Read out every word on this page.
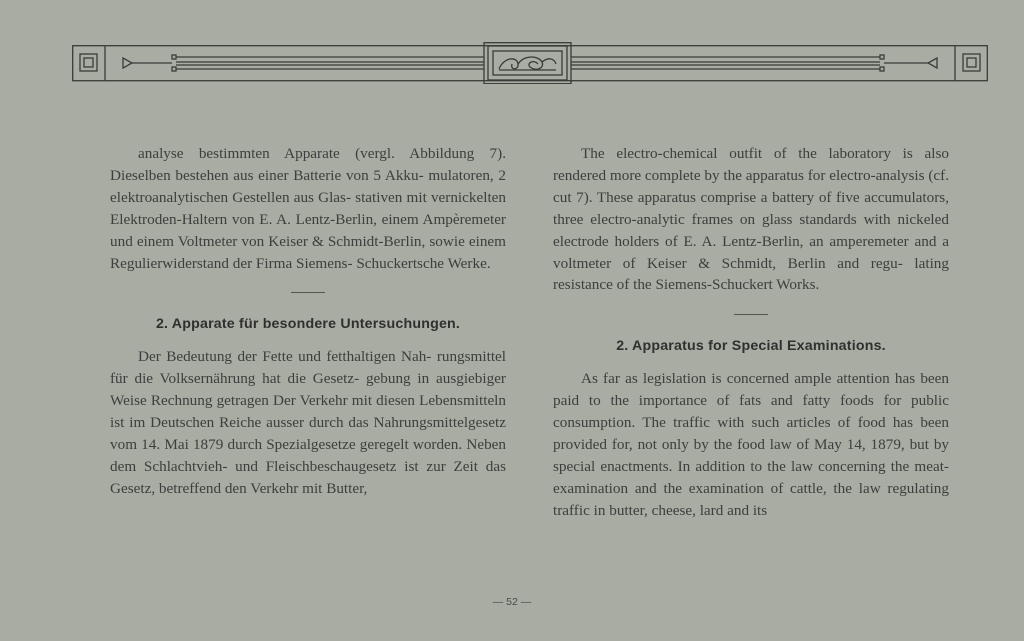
analyse bestimmten Apparate (vergl. Abbildung 7). Dieselben bestehen aus einer Batterie von 5 Akku- mulatoren, 2 elektroanalytischen Gestellen aus Glas- stativen mit vernickelten Elektroden-Haltern von E. A. Lentz-Berlin, einem Ampèremeter und einem Voltmeter von Keiser & Schmidt-Berlin, sowie einem Regulierwiderstand der Firma Siemens- Schuckertsche Werke.

2. Apparate für besondere Untersuchungen.

Der Bedeutung der Fette und fetthaltigen Nah- rungsmittel für die Volksernährung hat die Gesetz- gebung in ausgiebiger Weise Rechnung getragen Der Verkehr mit diesen Lebensmitteln ist im Deutschen Reiche ausser durch das Nahrungsmittelgesetz vom 14. Mai 1879 durch Spezialgesetze geregelt worden. Neben dem Schlachtvieh- und Fleischbeschaugesetz ist zur Zeit das Gesetz, betreffend den Verkehr mit Butter,

The electro-chemical outfit of the laboratory is also rendered more complete by the apparatus for electro-analysis (cf. cut 7). These apparatus comprise a battery of five accumulators, three electro-analytic frames on glass standards with nickeled electrode holders of E. A. Lentz-Berlin, an amperemeter and a voltmeter of Keiser & Schmidt, Berlin and regu- lating resistance of the Siemens-Schuckert Works.

2. Apparatus for Special Examinations.

As far as legislation is concerned ample attention has been paid to the importance of fats and fatty foods for public consumption. The traffic with such articles of food has been provided for, not only by the food law of May 14, 1879, but by special enactments. In addition to the law concerning the meat-examination and the examination of cattle, the law regulating traffic in butter, cheese, lard and its

— 52 —
